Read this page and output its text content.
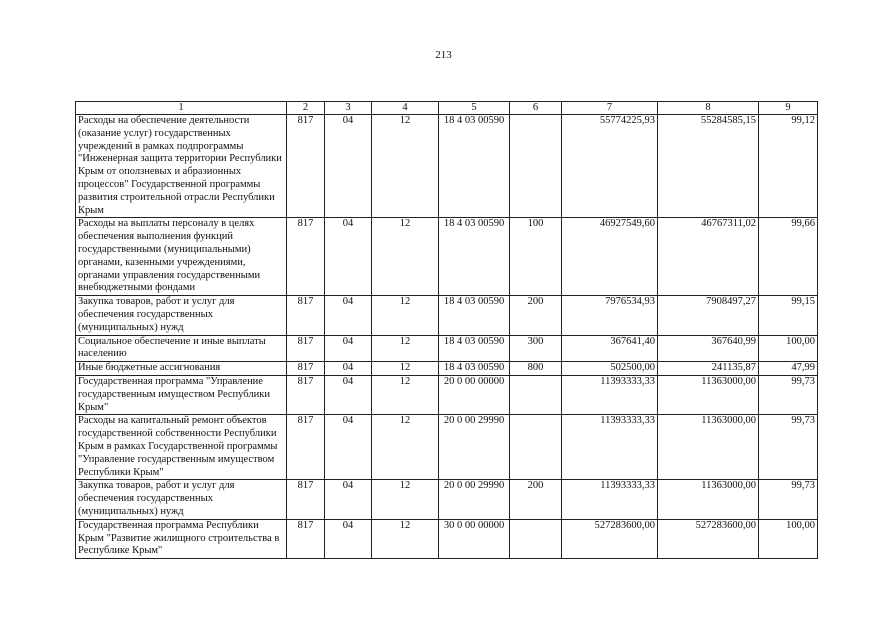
213
1	2	3	4	5	6	7	8	9
Расходы на обеспечение деятельности (оказание услуг) государственных учреждений в рамках подпрограммы "Инженерная защита территории Республики Крым от оползневых и абразионных процессов" Государственной программы развития строительной отрасли Республики Крым	817	04	12	18 4 03 00590		55774225,93	55284585,15	99,12
Расходы на выплаты персоналу в целях обеспечения выполнения функций государственными (муниципальными) органами, казенными учреждениями, органами управления государственными внебюджетными фондами	817	04	12	18 4 03 00590	100	46927549,60	46767311,02	99,66
Закупка товаров, работ и услуг для обеспечения государственных (муниципальных) нужд	817	04	12	18 4 03 00590	200	7976534,93	7908497,27	99,15
Социальное обеспечение и иные выплаты населению	817	04	12	18 4 03 00590	300	367641,40	367640,99	100,00
Иные бюджетные ассигнования	817	04	12	18 4 03 00590	800	502500,00	241135,87	47,99
Государственная программа "Управление государственным имуществом Республики Крым"	817	04	12	20 0 00 00000		11393333,33	11363000,00	99,73
Расходы на капитальный ремонт объектов государственной собственности Республики Крым в рамках Государственной программы "Управление государственным имуществом Республики Крым"	817	04	12	20 0 00 29990		11393333,33	11363000,00	99,73
Закупка товаров, работ и услуг для обеспечения государственных (муниципальных) нужд	817	04	12	20 0 00 29990	200	11393333,33	11363000,00	99,73
Государственная программа Республики Крым "Развитие жилищного строительства в Республике Крым"	817	04	12	30 0 00 00000		527283600,00	527283600,00	100,00
